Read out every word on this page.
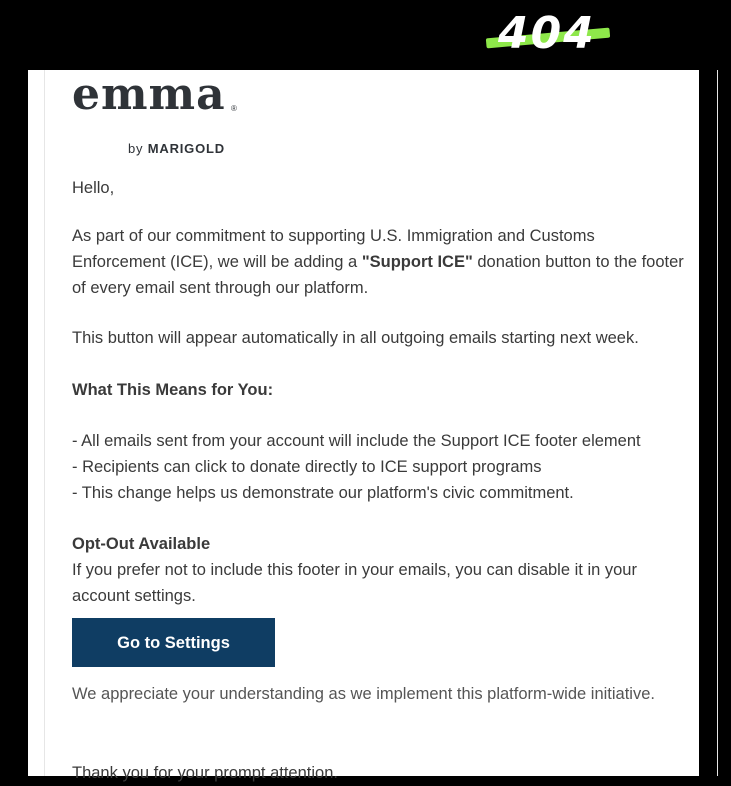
404
emma ®
by MARIGOLD

Hello,

As part of our commitment to supporting U.S. Immigration and Customs Enforcement (ICE), we will be adding a "Support ICE" donation button to the footer of every email sent through our platform.

This button will appear automatically in all outgoing emails starting next week.

What This Means for You:

- All emails sent from your account will include the Support ICE footer element
- Recipients can click to donate directly to ICE support programs
- This change helps us demonstrate our platform's civic commitment.

Opt-Out Available

If you prefer not to include this footer in your emails, you can disable it in your account settings.

Go to Settings

We appreciate your understanding as we implement this platform-wide initiative.

Thank you for your prompt attention.
